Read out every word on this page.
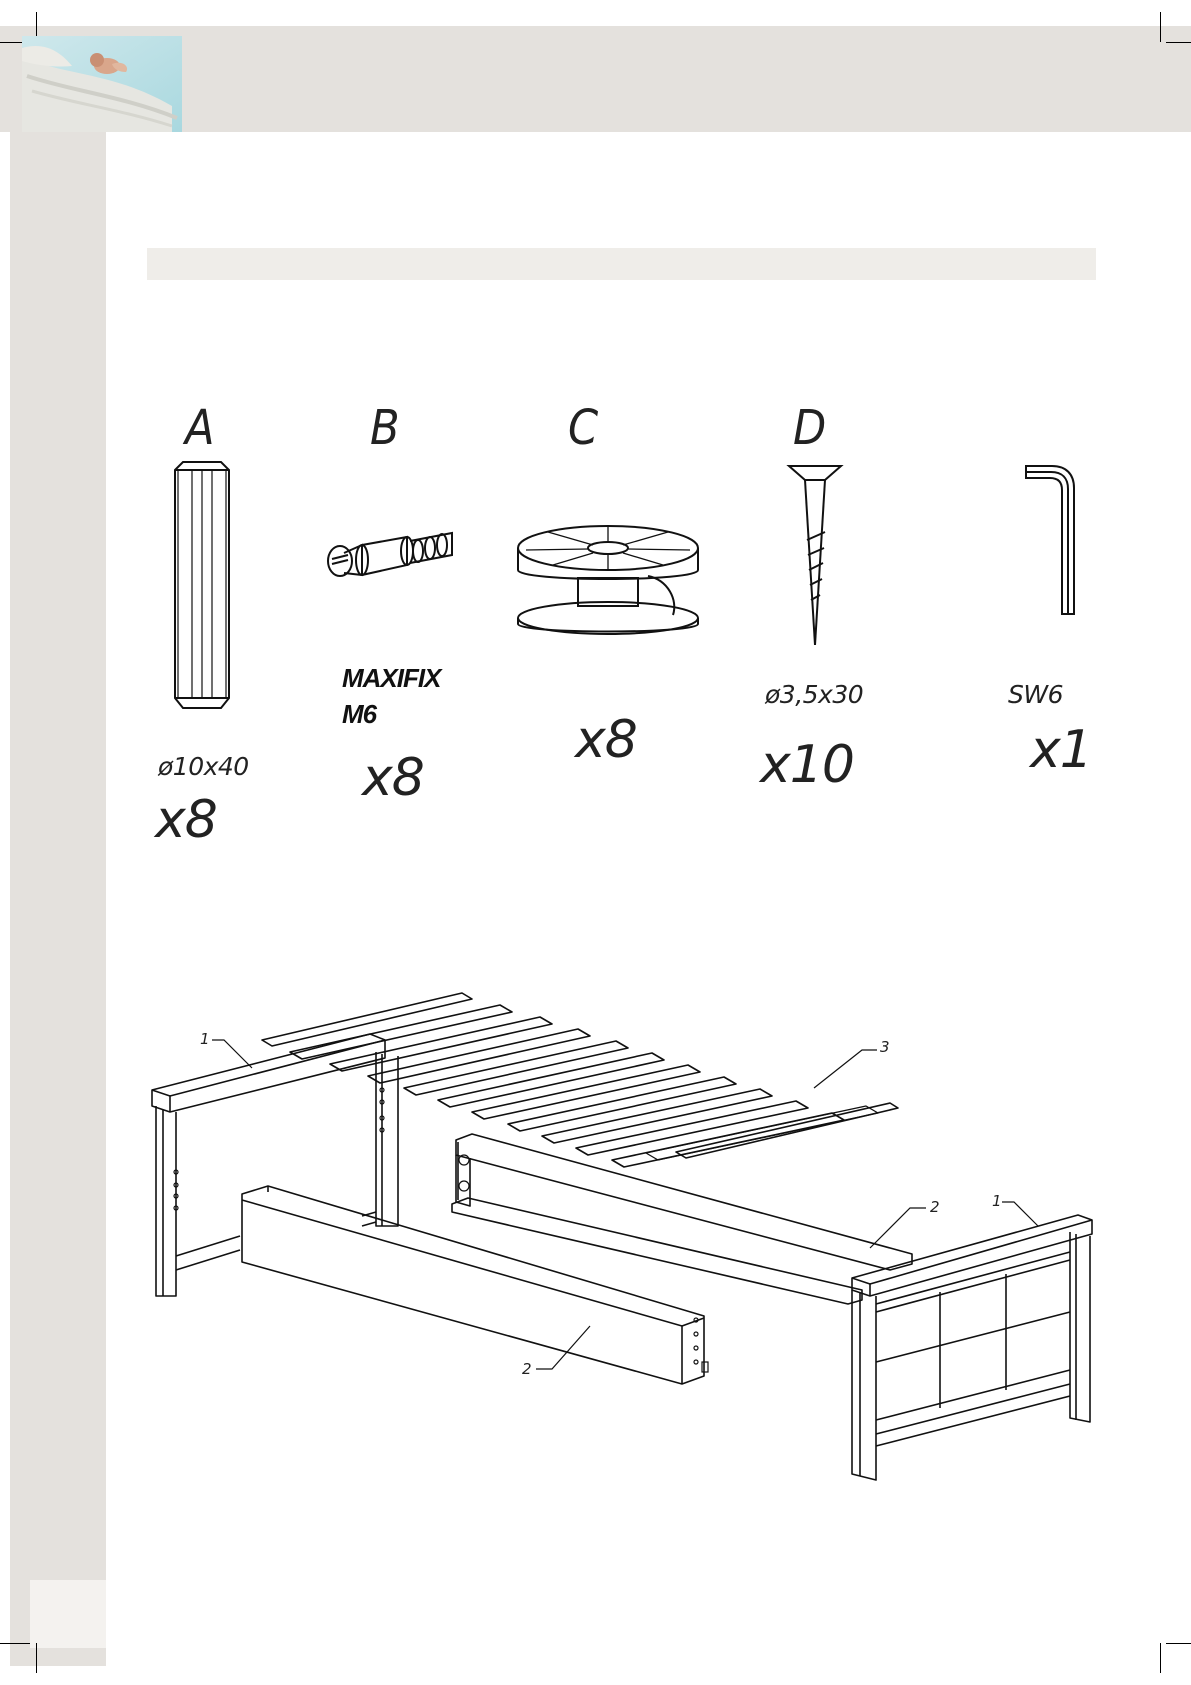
A
ø10x40
x8
B
MAXIFIX
M6
x8
C
x8
D
ø3,5x30
x10
SW6
x1
1	3
2	1
2
